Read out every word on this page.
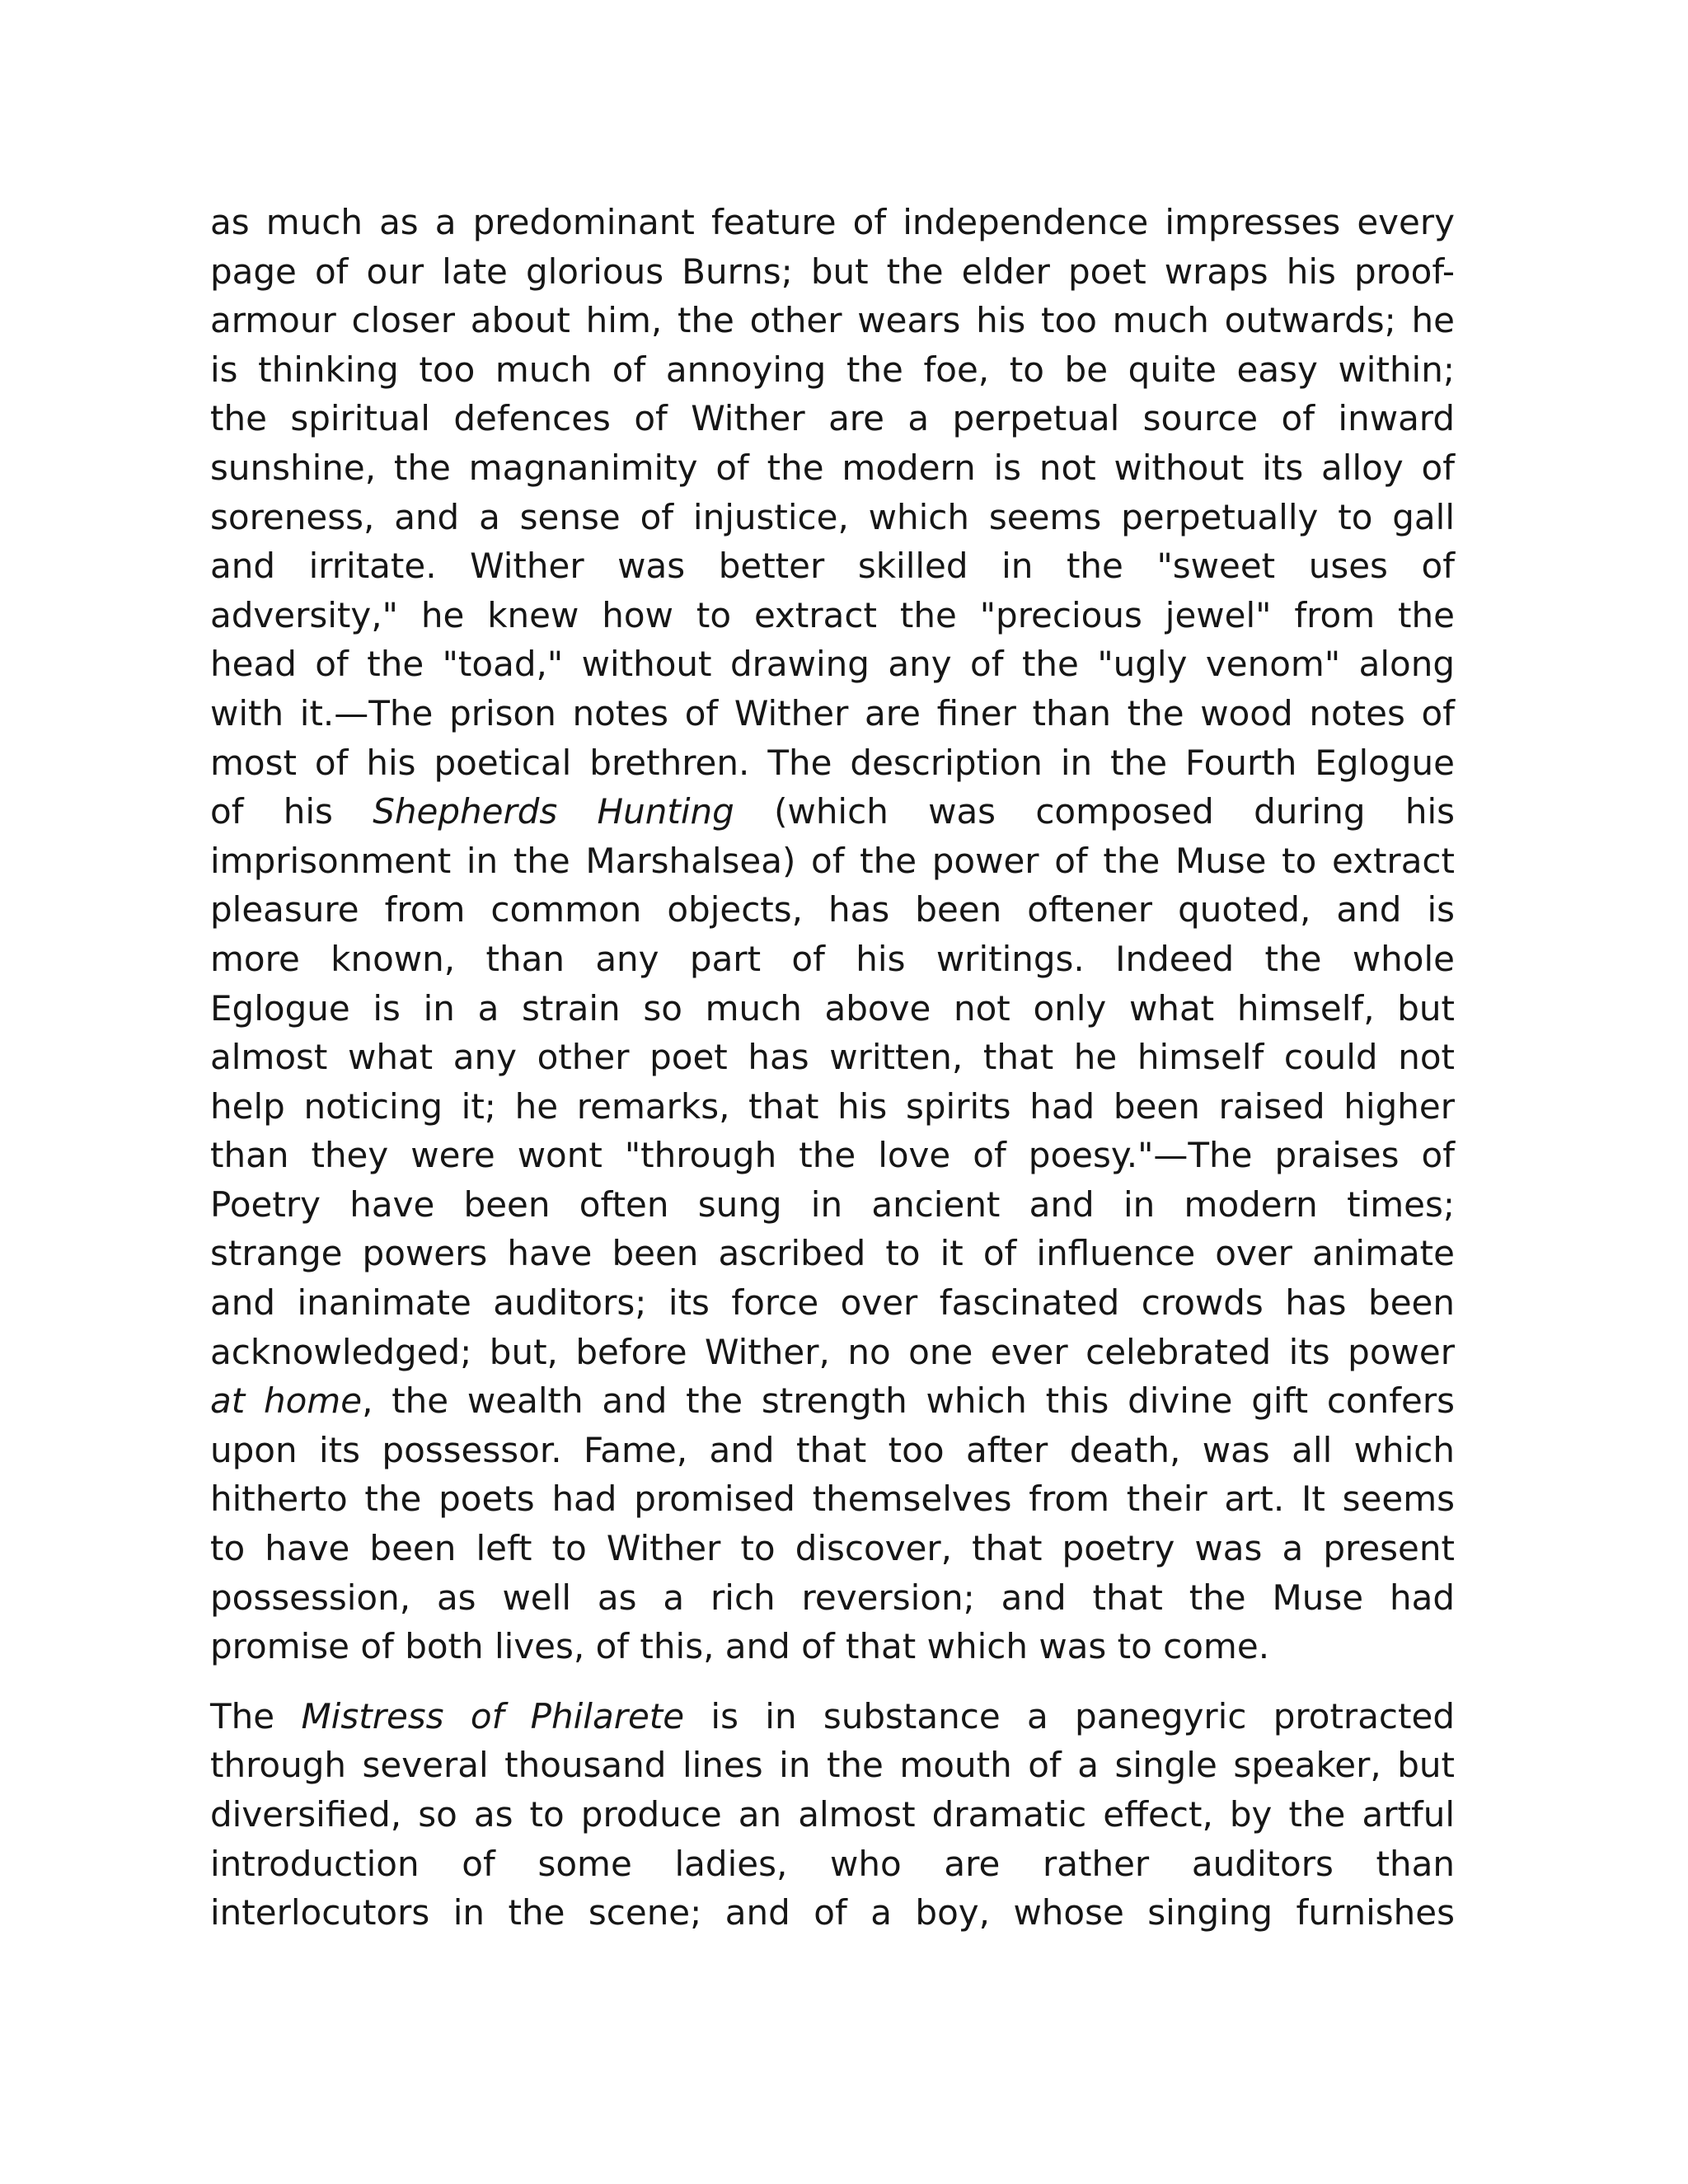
as much as a predominant feature of independence impresses every
page of our late glorious Burns; but the elder poet wraps his proof-
armour closer about him, the other wears his too much outwards; he
is thinking too much of annoying the foe, to be quite easy within;
the spiritual defences of Wither are a perpetual source of inward
sunshine, the magnanimity of the modern is not without its alloy of
soreness, and a sense of injustice, which seems perpetually to gall
and irritate. Wither was better skilled in the "sweet uses of
adversity," he knew how to extract the "precious jewel" from the
head of the "toad," without drawing any of the "ugly venom" along
with it.—The prison notes of Wither are finer than the wood notes of
most of his poetical brethren. The description in the Fourth Eglogue
of his Shepherds Hunting (which was composed during his
imprisonment in the Marshalsea) of the power of the Muse to extract
pleasure from common objects, has been oftener quoted, and is
more known, than any part of his writings. Indeed the whole
Eglogue is in a strain so much above not only what himself, but
almost what any other poet has written, that he himself could not
help noticing it; he remarks, that his spirits had been raised higher
than they were wont "through the love of poesy."—The praises of
Poetry have been often sung in ancient and in modern times;
strange powers have been ascribed to it of influence over animate
and inanimate auditors; its force over fascinated crowds has been
acknowledged; but, before Wither, no one ever celebrated its power
at home, the wealth and the strength which this divine gift confers
upon its possessor. Fame, and that too after death, was all which
hitherto the poets had promised themselves from their art. It seems
to have been left to Wither to discover, that poetry was a present
possession, as well as a rich reversion; and that the Muse had
promise of both lives, of this, and of that which was to come.

The Mistress of Philarete is in substance a panegyric protracted
through several thousand lines in the mouth of a single speaker, but
diversified, so as to produce an almost dramatic effect, by the artful
introduction of some ladies, who are rather auditors than
interlocutors in the scene; and of a boy, whose singing furnishes
